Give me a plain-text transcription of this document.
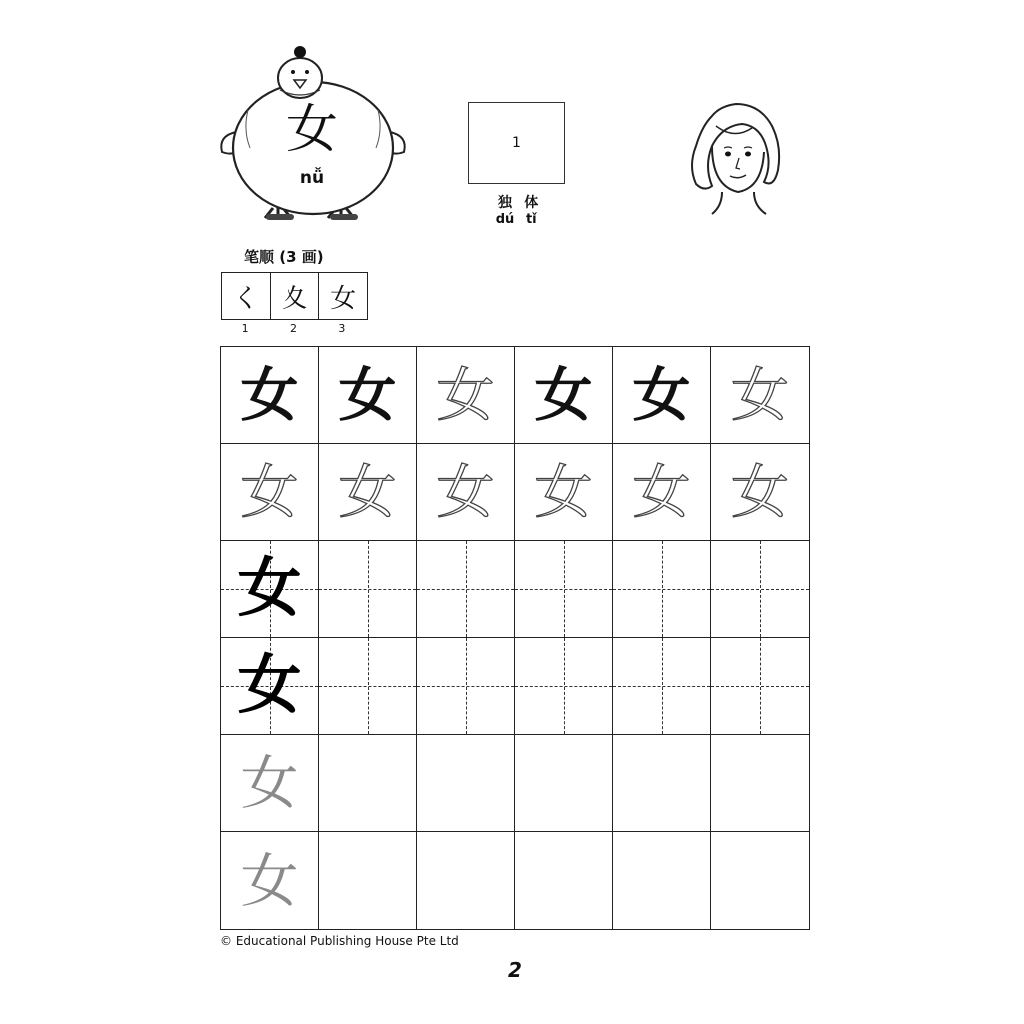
女
nǚ
1
独
dú
体
tǐ
笔顺 (3 画)
く 夊 女
1	2	3
女 女 女 女 女 女
女 女 女 女 女 女
女
女
女
女
© Educational Publishing House Pte Ltd
2
